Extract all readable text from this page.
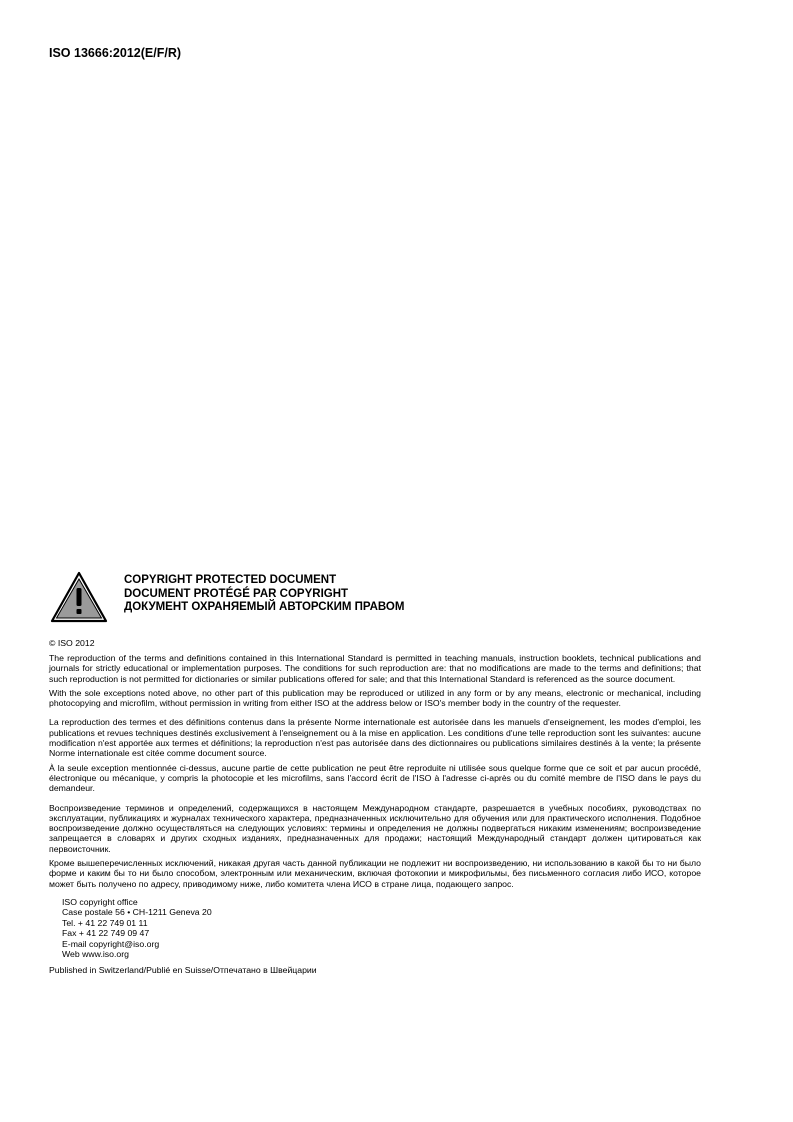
ISO 13666:2012(E/F/R)
COPYRIGHT PROTECTED DOCUMENT
DOCUMENT PROTÉGÉ PAR COPYRIGHT
ДОКУМЕНТ ОХРАНЯЕМЫЙ АВТОРСКИМ ПРАВОМ
© ISO 2012
The reproduction of the terms and definitions contained in this International Standard is permitted in teaching manuals, instruction booklets, technical publications and journals for strictly educational or implementation purposes. The conditions for such reproduction are: that no modifications are made to the terms and definitions; that such reproduction is not permitted for dictionaries or similar publications offered for sale; and that this International Standard is referenced as the source document.
With the sole exceptions noted above, no other part of this publication may be reproduced or utilized in any form or by any means, electronic or mechanical, including photocopying and microfilm, without permission in writing from either ISO at the address below or ISO's member body in the country of the requester.
La reproduction des termes et des définitions contenus dans la présente Norme internationale est autorisée dans les manuels d'enseignement, les modes d'emploi, les publications et revues techniques destinés exclusivement à l'enseignement ou à la mise en application. Les conditions d'une telle reproduction sont les suivantes: aucune modification n'est apportée aux termes et définitions; la reproduction n'est pas autorisée dans des dictionnaires ou publications similaires destinés à la vente; la présente Norme internationale est citée comme document source.
À la seule exception mentionnée ci-dessus, aucune partie de cette publication ne peut être reproduite ni utilisée sous quelque forme que ce soit et par aucun procédé, électronique ou mécanique, y compris la photocopie et les microfilms, sans l'accord écrit de l'ISO à l'adresse ci-après ou du comité membre de l'ISO dans le pays du demandeur.
Воспроизведение терминов и определений, содержащихся в настоящем Международном стандарте, разрешается в учебных пособиях, руководствах по эксплуатации, публикациях и журналах технического характера, предназначенных исключительно для обучения или для практического исполнения. Подобное воспроизведение должно осуществляться на следующих условиях: термины и определения не должны подвергаться никаким изменениям; воспроизведение запрещается в словарях и других сходных изданиях, предназначенных для продажи; настоящий Международный стандарт должен цитироваться как первоисточник.
Кроме вышеперечисленных исключений, никакая другая часть данной публикации не подлежит ни воспроизведению, ни использованию в какой бы то ни было форме и каким бы то ни было способом, электронным или механическим, включая фотокопии и микрофильмы, без письменного согласия либо ИСО, которое может быть получено по адресу, приводимому ниже, либо комитета члена ИСО в стране лица, подающего запрос.
ISO copyright office
Case postale 56 • CH-1211 Geneva 20
Tel. + 41 22 749 01 11
Fax + 41 22 749 09 47
E-mail copyright@iso.org
Web www.iso.org
Published in Switzerland/Publié en Suisse/Отпечатано в Швейцарии
